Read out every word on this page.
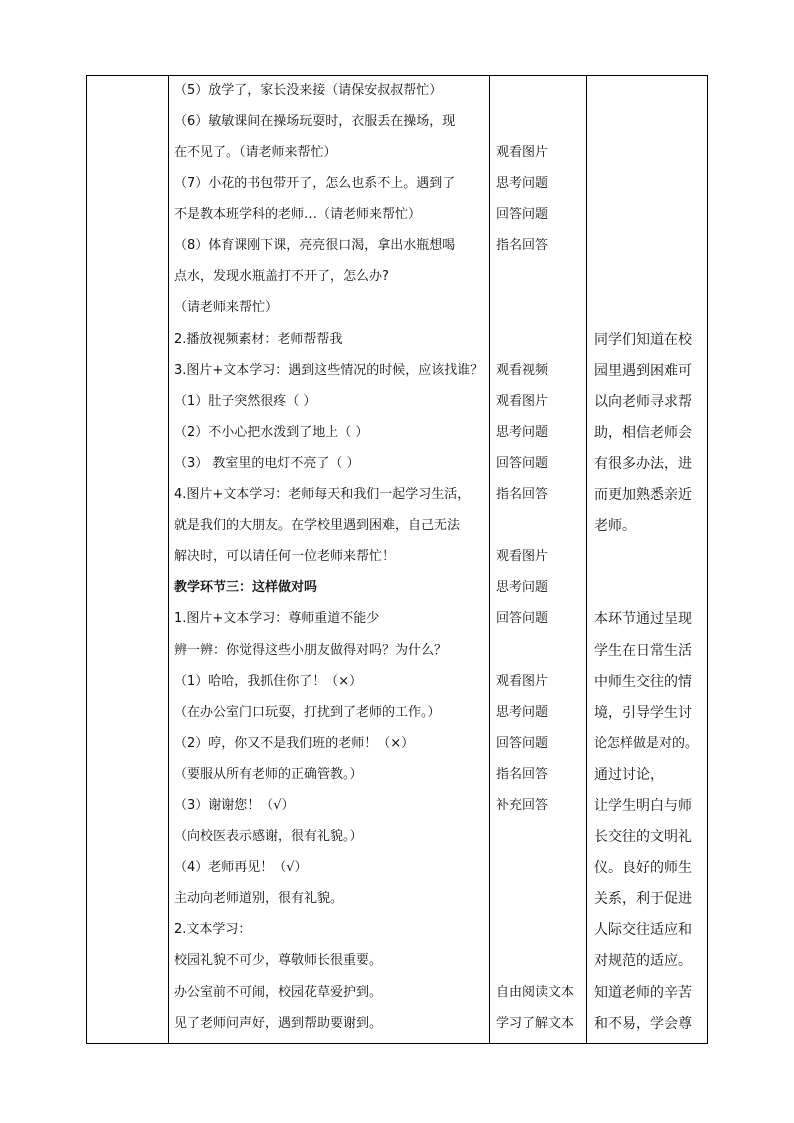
（5）放学了，家长没来接（请保安叔叔帮忙）
（6）敏敏课间在操场玩耍时，衣服丢在操场，现
在不见了。（请老师来帮忙）
（7）小花的书包带开了，怎么也系不上。遇到了
不是教本班学科的老师…（请老师来帮忙）
（8）体育课刚下课，亮亮很口渴，拿出水瓶想喝
点水，发现水瓶盖打不开了，怎么办?
（请老师来帮忙）
2.播放视频素材：老师帮帮我
3.图片+文本学习：遇到这些情况的时候，应该找谁？
（1）肚子突然很疼（ ）
（2）不小心把水泼到了地上（ ）
（3） 教室里的电灯不亮了（ ）
4.图片+文本学习：老师每天和我们一起学习生活，
就是我们的大朋友。在学校里遇到困难，自己无法
解决时，可以请任何一位老师来帮忙！
教学环节三：这样做对吗
1.图片+文本学习：尊师重道不能少
辨一辨：你觉得这些小朋友做得对吗？为什么？
（1）哈哈，我抓住你了！（×）
（在办公室门口玩耍，打扰到了老师的工作。）
（2）哼，你又不是我们班的老师！（×）
（要服从所有老师的正确管教。）
（3）谢谢您！（√）
（向校医表示感谢，很有礼貌。）
（4）老师再见！（√）
主动向老师道别，很有礼貌。
2.文本学习：
校园礼貌不可少，尊敬师长很重要。
办公室前不可闹，校园花草爱护到。
见了老师问声好，遇到帮助要谢到。
观看图片
思考问题
回答问题
指名回答
观看视频
观看图片
思考问题
回答问题
指名回答
观看图片
思考问题
回答问题
观看图片
思考问题
回答问题
指名回答
补充回答
自由阅读文本
学习了解文本
同学们知道在校
园里遇到困难可
以向老师寻求帮
助，相信老师会
有很多办法，进
而更加熟悉亲近
老师。
本环节通过呈现
学生在日常生活
中师生交往的情
境，引导学生讨
论怎样做是对的。
通过讨论，
让学生明白与师
长交往的文明礼
仪。良好的师生
关系，利于促进
人际交往适应和
对规范的适应。
知道老师的辛苦
和不易，学会尊
